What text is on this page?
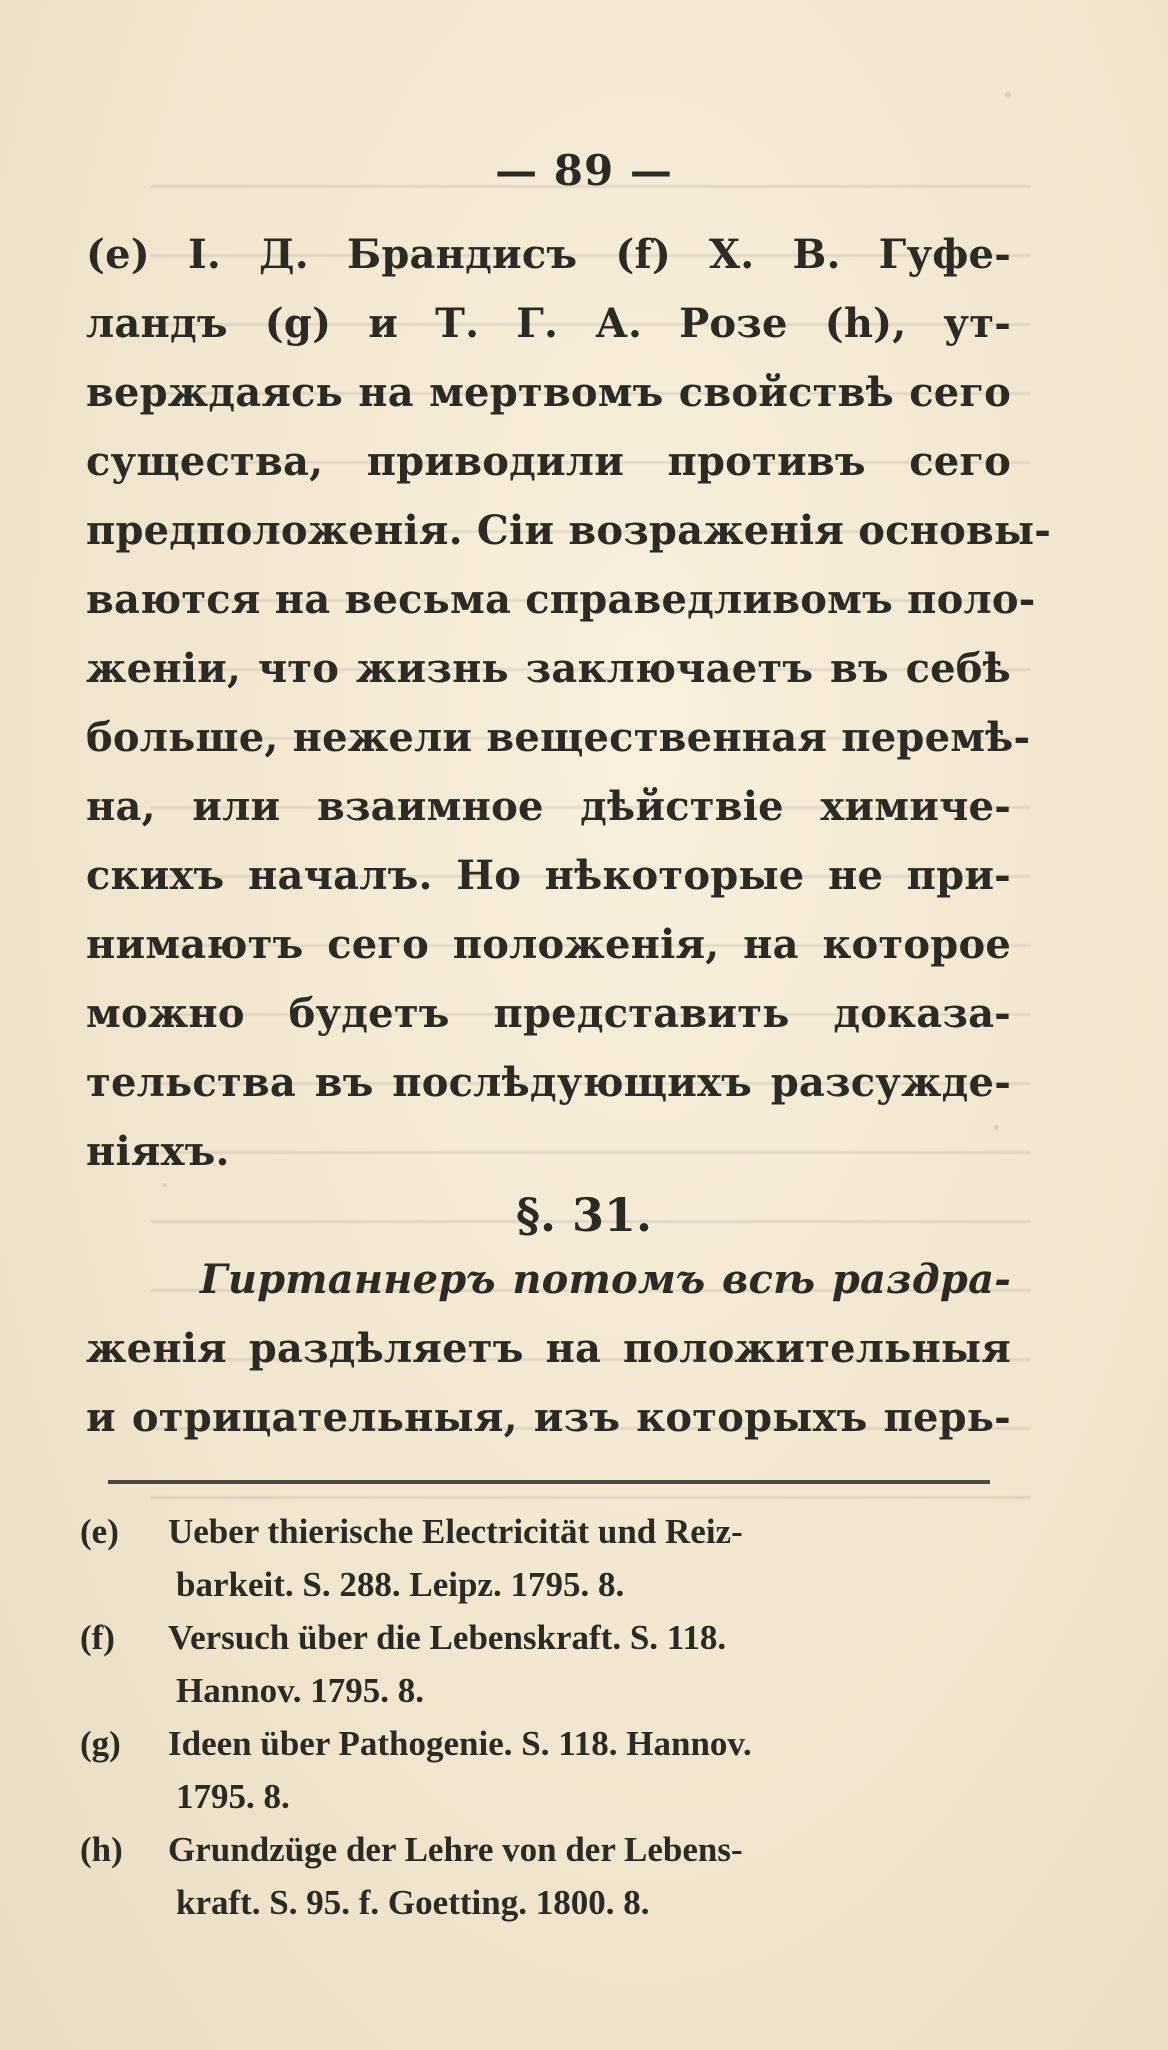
— 89 —
(e) I. Д. Брандисъ (f) Х. В. Гуфе-
ландъ (g) и Т. Г. А. Розе (h), ут-
верждаясь на мертвомъ свойствѣ сего
существа, приводили противъ сего
предположенія. Сіи возраженія основы-
ваются на весьма справедливомъ поло-
женіи, что жизнь заключаетъ въ себѣ
больше, нежели вещественная перемѣ-
на, или взаимное дѣйствіе химиче-
скихъ началъ. Но нѣкоторые не при-
нимаютъ сего положенія, на которое
можно будетъ представить доказа-
тельства въ послѣдующихъ разсужде-
ніяхъ.
§. 31.
Гиртаннеръ потомъ всѣ раздра-
женія раздѣляетъ на положительныя
и отрицательныя, изъ которыхъ перь-
(e)	Ueber thierische Electricität und Reiz-
barkeit. S. 288. Leipz. 1795. 8.
(f)	Versuch über die Lebenskraft. S. 118.
Hannov. 1795. 8.
(g)	Ideen über Pathogenie. S. 118. Hannov.
1795. 8.
(h)	Grundzüge der Lehre von der Lebens-
kraft. S. 95. f. Goetting. 1800. 8.
